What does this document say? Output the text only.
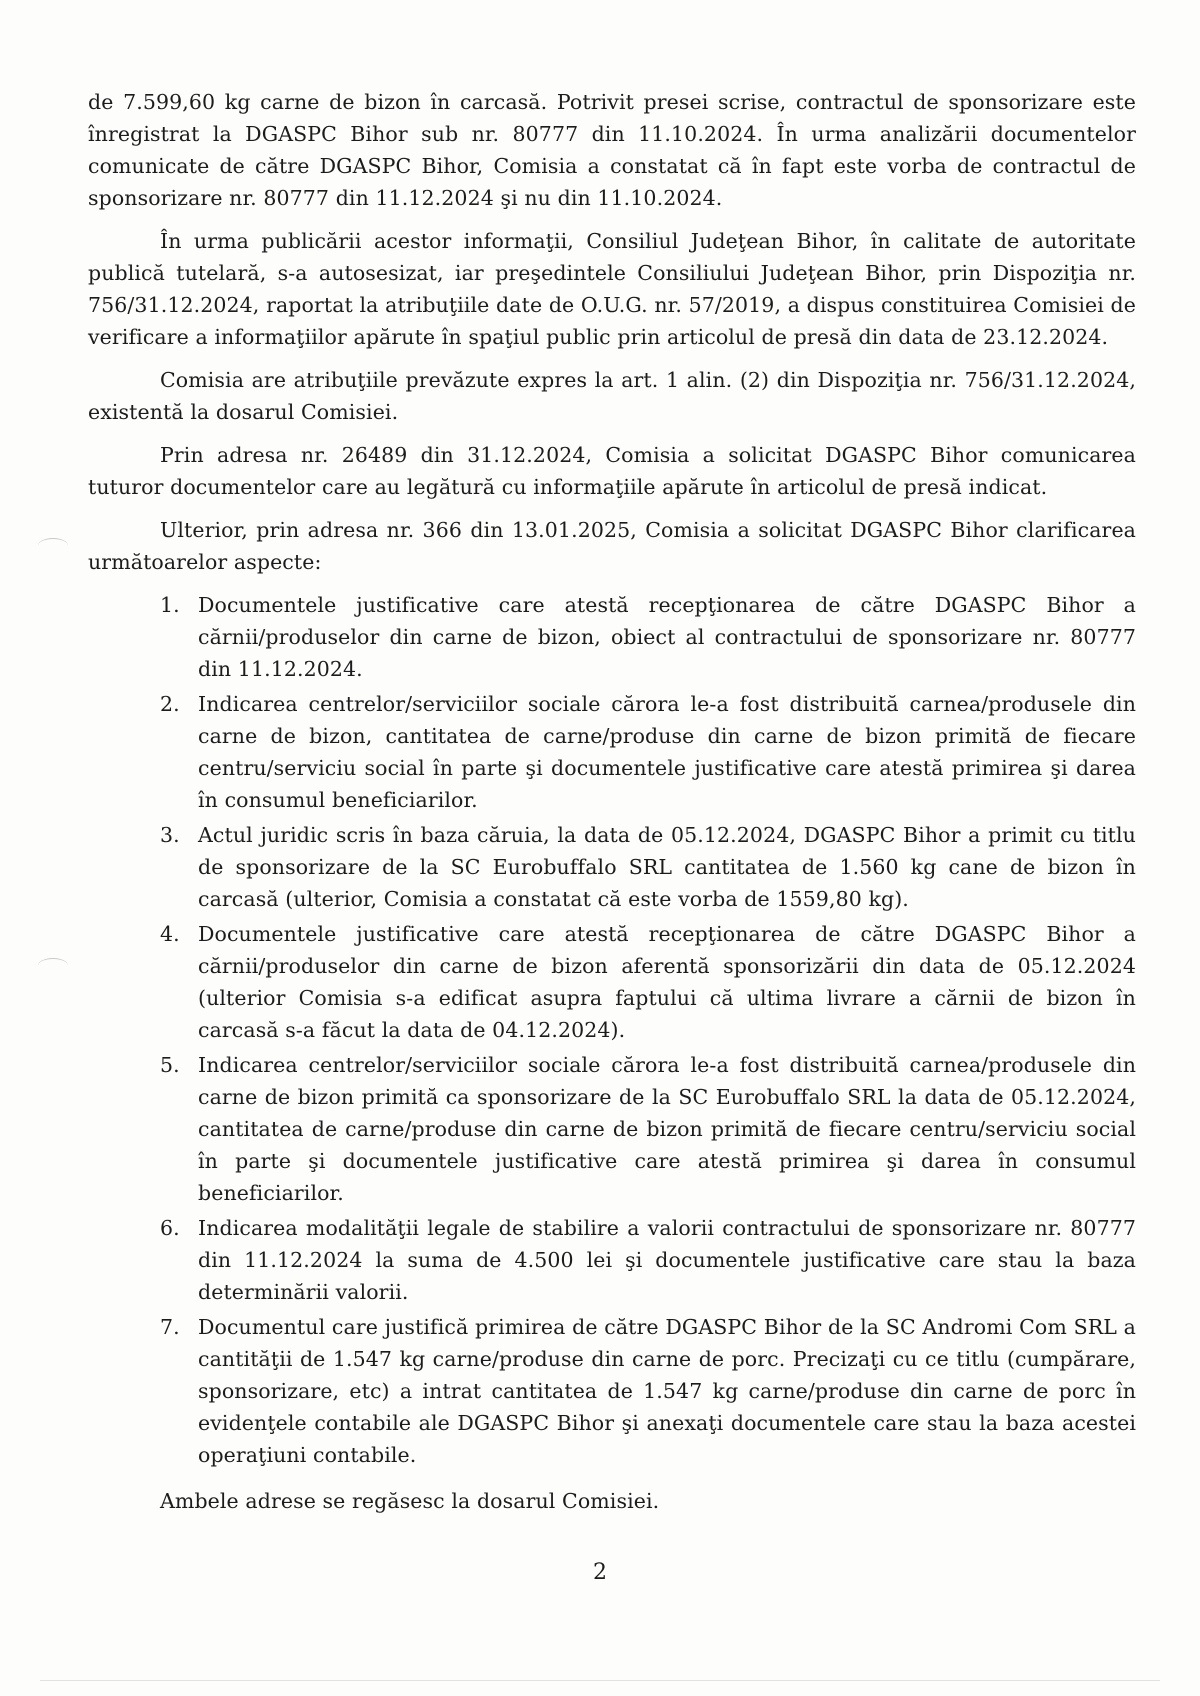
de 7.599,60 kg carne de bizon în carcasă. Potrivit presei scrise, contractul de sponsorizare este înregistrat la DGASPC Bihor sub nr. 80777 din 11.10.2024. În urma analizării documentelor comunicate de către DGASPC Bihor, Comisia a constatat că în fapt este vorba de contractul de sponsorizare nr. 80777 din 11.12.2024 şi nu din 11.10.2024.

În urma publicării acestor informaţii, Consiliul Judeţean Bihor, în calitate de autoritate publică tutelară, s-a autosesizat, iar preşedintele Consiliului Judeţean Bihor, prin Dispoziţia nr. 756/31.12.2024, raportat la atribuţiile date de O.U.G. nr. 57/2019, a dispus constituirea Comisiei de verificare a informaţiilor apărute în spaţiul public prin articolul de presă din data de 23.12.2024.

Comisia are atribuţiile prevăzute expres la art. 1 alin. (2) din Dispoziţia nr. 756/31.12.2024, existentă la dosarul Comisiei.

Prin adresa nr. 26489 din 31.12.2024, Comisia a solicitat DGASPC Bihor comunicarea tuturor documentelor care au legătură cu informaţiile apărute în articolul de presă indicat.

Ulterior, prin adresa nr. 366 din 13.01.2025, Comisia a solicitat DGASPC Bihor clarificarea următoarelor aspecte:

1. Documentele justificative care atestă recepţionarea de către DGASPC Bihor a cărnii/produselor din carne de bizon, obiect al contractului de sponsorizare nr. 80777 din 11.12.2024.
2. Indicarea centrelor/serviciilor sociale cărora le-a fost distribuită carnea/produsele din carne de bizon, cantitatea de carne/produse din carne de bizon primită de fiecare centru/serviciu social în parte şi documentele justificative care atestă primirea şi darea în consumul beneficiarilor.
3. Actul juridic scris în baza căruia, la data de 05.12.2024, DGASPC Bihor a primit cu titlu de sponsorizare de la SC Eurobuffalo SRL cantitatea de 1.560 kg cane de bizon în carcasă (ulterior, Comisia a constatat că este vorba de 1559,80 kg).
4. Documentele justificative care atestă recepţionarea de către DGASPC Bihor a cărnii/produselor din carne de bizon aferentă sponsorizării din data de 05.12.2024 (ulterior Comisia s-a edificat asupra faptului că ultima livrare a cărnii de bizon în carcasă s-a făcut la data de 04.12.2024).
5. Indicarea centrelor/serviciilor sociale cărora le-a fost distribuită carnea/produsele din carne de bizon primită ca sponsorizare de la SC Eurobuffalo SRL la data de 05.12.2024, cantitatea de carne/produse din carne de bizon primită de fiecare centru/serviciu social în parte şi documentele justificative care atestă primirea şi darea în consumul beneficiarilor.
6. Indicarea modalităţii legale de stabilire a valorii contractului de sponsorizare nr. 80777 din 11.12.2024 la suma de 4.500 lei şi documentele justificative care stau la baza determinării valorii.
7. Documentul care justifică primirea de către DGASPC Bihor de la SC Andromi Com SRL a cantităţii de 1.547 kg carne/produse din carne de porc. Precizaţi cu ce titlu (cumpărare, sponsorizare, etc) a intrat cantitatea de 1.547 kg carne/produse din carne de porc în evidenţele contabile ale DGASPC Bihor şi anexaţi documentele care stau la baza acestei operaţiuni contabile.

Ambele adrese se regăsesc la dosarul Comisiei.

2
